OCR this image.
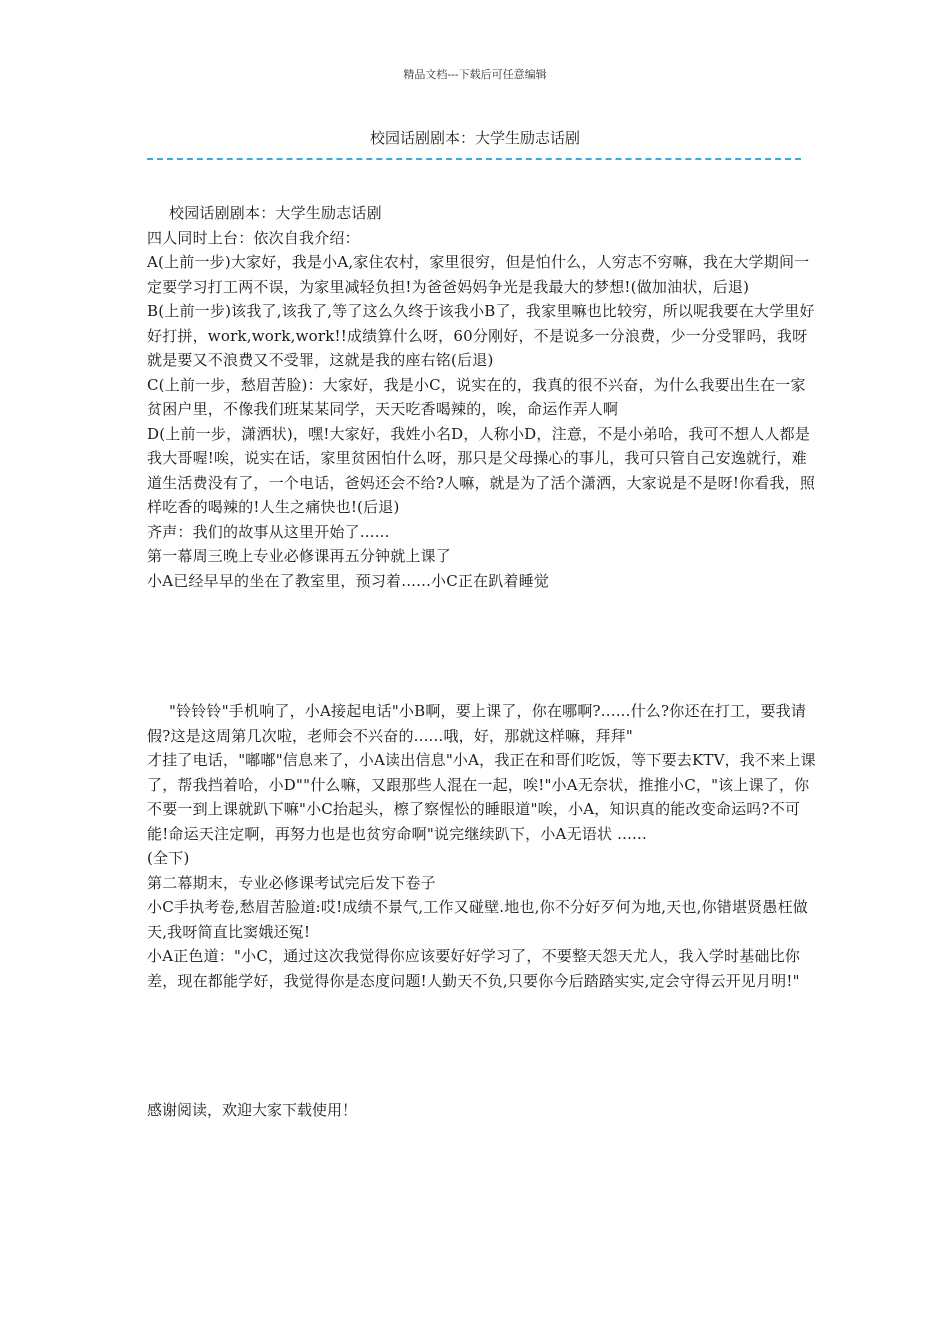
精品文档---下载后可任意编辑
校园话剧剧本：大学生励志话剧

校园话剧剧本：大学生励志话剧

四人同时上台：依次自我介绍：

A(上前一步)大家好，我是小A,家住农村，家里很穷，但是怕什么，人穷志不穷嘛，我在大学期间一定要学习打工两不误，为家里减轻负担!为爸爸妈妈争光是我最大的梦想!(做加油状，后退)

B(上前一步)该我了,该我了,等了这么久终于该我小B了，我家里嘛也比较穷，所以呢我要在大学里好好打拼，work,work,work!!成绩算什么呀，60分刚好，不是说多一分浪费，少一分受罪吗，我呀就是要又不浪费又不受罪，这就是我的座右铭(后退)

C(上前一步，愁眉苦脸)：大家好，我是小C，说实在的，我真的很不兴奋，为什么我要出生在一家贫困户里，不像我们班某某同学，天天吃香喝辣的，唉，命运作弄人啊

D(上前一步，潇洒状)，嘿!大家好，我姓小名D，人称小D，注意，不是小弟哈，我可不想人人都是我大哥喔!唉，说实在话，家里贫困怕什么呀，那只是父母操心的事儿，我可只管自己安逸就行，难道生活费没有了，一个电话，爸妈还会不给?人嘛，就是为了活个潇洒，大家说是不是呀!你看我，照样吃香的喝辣的!人生之痛快也!(后退)

齐声：我们的故事从这里开始了......

第一幕周三晚上专业必修课再五分钟就上课了

小A已经早早的坐在了教室里，预习着......小C正在趴着睡觉

"铃铃铃"手机响了，小A接起电话"小B啊，要上课了，你在哪啊?......什么?你还在打工，要我请假?这是这周第几次啦，老师会不兴奋的......哦，好，那就这样嘛，拜拜"

才挂了电话，"嘟嘟"信息来了，小A读出信息"小A，我正在和哥们吃饭，等下要去KTV，我不来上课了，帮我挡着哈，小D""什么嘛，又跟那些人混在一起，唉!"小A无奈状，推推小C，"该上课了，你不要一到上课就趴下嘛"小C抬起头，檫了察惺忪的睡眼道"唉，小A，知识真的能改变命运吗?不可能!命运天注定啊，再努力也是也贫穷命啊"说完继续趴下，小A无语状 ......

(全下)

第二幕期末，专业必修课考试完后发下卷子

小C手执考卷,愁眉苦脸道:哎!成绩不景气,工作又碰壁.地也,你不分好歹何为地,天也,你错堪贤愚枉做天,我呀简直比窦娥还冤!

小A正色道："小C，通过这次我觉得你应该要好好学习了，不要整天怨天尤人，我入学时基础比你差，现在都能学好，我觉得你是态度问题!人勤天不负,只要你今后踏踏实实,定会守得云开见月明!"

感谢阅读，欢迎大家下载使用！
